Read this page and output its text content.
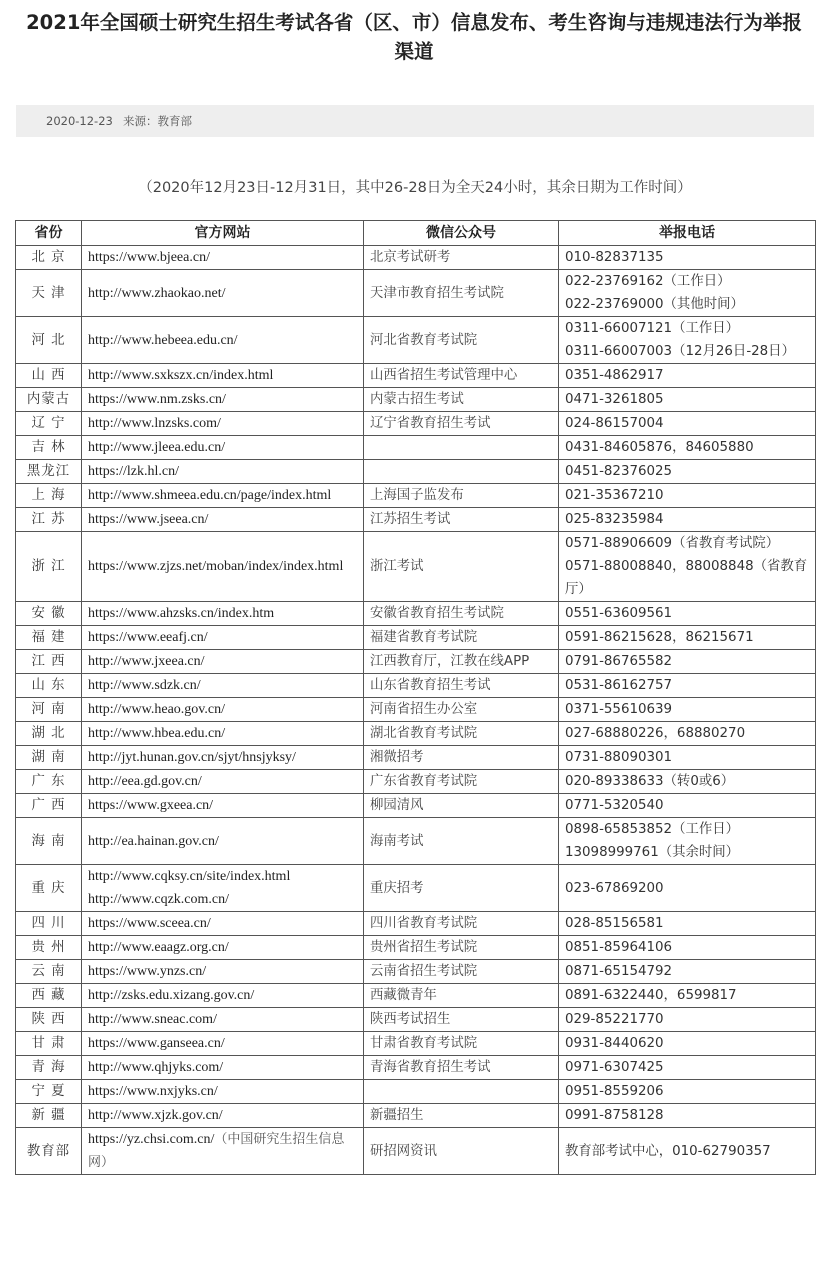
2021年全国硕士研究生招生考试各省（区、市）信息发布、考生咨询与违规违法行为举报
渠道
2020-12-23 来源：教育部
（2020年12月23日-12月31日，其中26-28日为全天24小时，其余日期为工作时间）
省份	官方网站	微信公众号	举报电话
北 京	https://www.bjeea.cn/	北京考试研考	010-82837135

天 津	http://www.zhaokao.net/	天津市教育招生考试院	022-23769162（工作日）
022-23769000（其他时间）

河 北	http://www.hebeea.edu.cn/	河北省教育考试院	0311-66007121（工作日）
0311-66007003（12月26日-28日）

山 西	http://www.sxkszx.cn/index.html	山西省招生考试管理中心	0351-4862917

内蒙古	https://www.nm.zsks.cn/	内蒙古招生考试	0471-3261805

辽 宁	http://www.lnzsks.com/	辽宁省教育招生考试	024-86157004

吉 林	http://www.jleea.edu.cn/		0431-84605876，84605880

黑龙江	https://lzk.hl.cn/		0451-82376025

上 海	http://www.shmeea.edu.cn/page/index.html	上海国子监发布	021-35367210

江 苏	https://www.jseea.cn/	江苏招生考试	025-83235984

浙 江	https://www.zjzs.net/moban/index/index.html	浙江考试	0571-88906609（省教育考试院）
0571-88008840，88008848（省教育厅）

安 徽	https://www.ahzsks.cn/index.htm	安徽省教育招生考试院	0551-63609561

福 建	https://www.eeafj.cn/	福建省教育考试院	0591-86215628，86215671

江 西	http://www.jxeea.cn/	江西教育厅，江教在线APP	0791-86765582

山 东	http://www.sdzk.cn/	山东省教育招生考试	0531-86162757

河 南	http://www.heao.gov.cn/	河南省招生办公室	0371-55610639

湖 北	http://www.hbea.edu.cn/	湖北省教育考试院	027-68880226，68880270

湖 南	http://jyt.hunan.gov.cn/sjyt/hnsjyksy/	湘微招考	0731-88090301

广 东	http://eea.gd.gov.cn/	广东省教育考试院	020-89338633（转0或6）

广 西	https://www.gxeea.cn/	柳园清风	0771-5320540

海 南	http://ea.hainan.gov.cn/	海南考试	0898-65853852（工作日）
13098999761（其余时间）

重 庆	http://www.cqksy.cn/site/index.html
http://www.cqzk.com.cn/	重庆招考	023-67869200

四 川	https://www.sceea.cn/	四川省教育考试院	028-85156581

贵 州	http://www.eaagz.org.cn/	贵州省招生考试院	0851-85964106

云 南	https://www.ynzs.cn/	云南省招生考试院	0871-65154792

西 藏	http://zsks.edu.xizang.gov.cn/	西藏微青年	0891-6322440，6599817

陕 西	http://www.sneac.com/	陕西考试招生	029-85221770

甘 肃	https://www.ganseea.cn/	甘肃省教育考试院	0931-8440620

青 海	http://www.qhjyks.com/	青海省教育招生考试	0971-6307425

宁 夏	https://www.nxjyks.cn/		0951-8559206

新 疆	http://www.xjzk.gov.cn/	新疆招生	0991-8758128

教育部	https://yz.chsi.com.cn/（中国研究生招生信息网）	研招网资讯	教育部考试中心，010-62790357
